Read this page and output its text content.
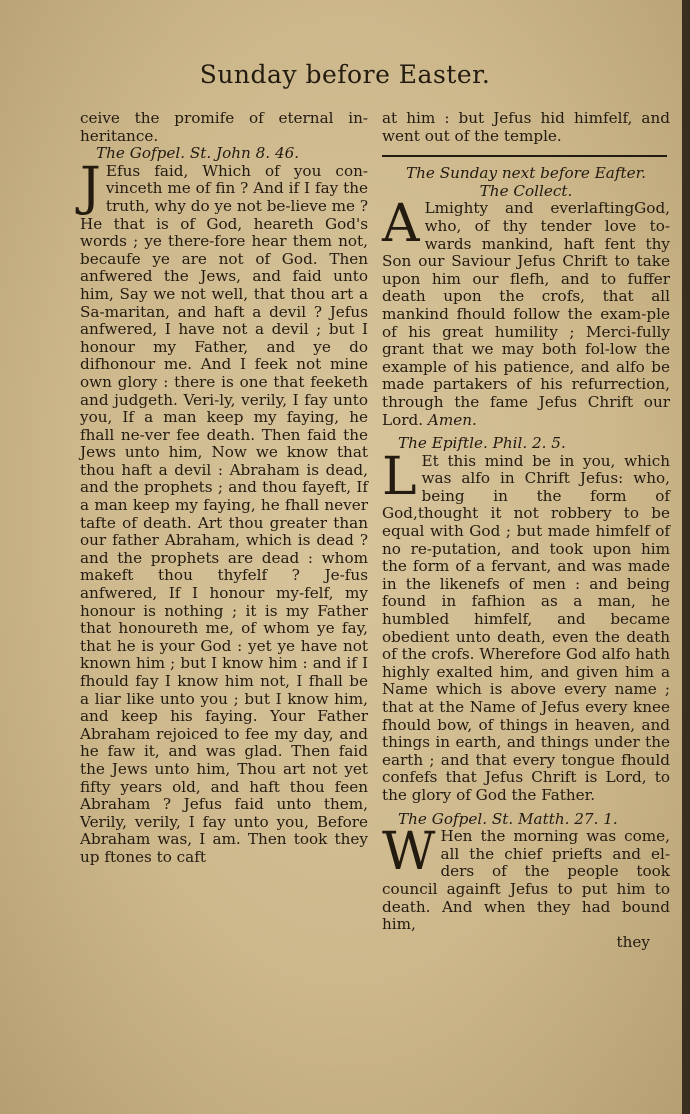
Sunday before Easter.

ceive the promife of eternal in-heritance.

The Gofpel. St. John 8. 46.

J Efus faid, Which of you con-vinceth me of fin ? And if I fay the truth, why do ye not be-lieve me ? He that is of God, heareth God's words ; ye there-fore hear them not, becaufe ye are not of God. Then anfwered the Jews, and faid unto him, Say we not well, that thou art a Sa-maritan, and haft a devil ? Jefus anfwered, I have not a devil ; but I honour my Father, and ye do difhonour me. And I feek not mine own glory : there is one that feeketh and judgeth. Veri-ly, verily, I fay unto you, If a man keep my faying, he fhall ne-ver fee death. Then faid the Jews unto him, Now we know that thou haft a devil : Abraham is dead, and the prophets ; and thou fayeft, If a man keep my faying, he fhall never tafte of death. Art thou greater than our father Abraham, which is dead ? and the prophets are dead : whom makeft thou thyfelf ? Je-fus anfwered, If I honour my-felf, my honour is nothing ; it is my Father that honoureth me, of whom ye fay, that he is your God : yet ye have not known him ; but I know him : and if I fhould fay I know him not, I fhall be a liar like unto you ; but I know him, and keep his faying. Your Father Abraham rejoiced to fee my day, and he faw it, and was glad. Then faid the Jews unto him, Thou art not yet fifty years old, and haft thou feen Abraham ? Jefus faid unto them, Verily, verily, I fay unto you, Before Abraham was, I am. Then took they up ftones to caft

at him : but Jefus hid himfelf, and went out of the temple.

The Sunday next before Eafter.

The Collect.

A Lmighty and everlaftingGod, who, of thy tender love to-wards mankind, haft fent thy Son our Saviour Jefus Chrift to take upon him our flefh, and to fuffer death upon the crofs, that all mankind fhould follow the exam-ple of his great humility ; Merci-fully grant that we may both fol-low the example of his patience, and alfo be made partakers of his refurrection, through the fame Jefus Chrift our Lord. Amen.

The Epiftle. Phil. 2. 5.

L Et this mind be in you, which was alfo in Chrift Jefus: who, being in the form of God,thought it not robbery to be equal with God ; but made himfelf of no re-putation, and took upon him the form of a fervant, and was made in the likenefs of men : and being found in fafhion as a man, he humbled himfelf, and became obedient unto death, even the death of the crofs. Wherefore God alfo hath highly exalted him, and given him a Name which is above every name ; that at the Name of Jefus every knee fhould bow, of things in heaven, and things in earth, and things under the earth ; and that every tongue fhould confefs that Jefus Chrift is Lord, to the glory of God the Father.

The Gofpel. St. Matth. 27. 1.

W Hen the morning was come, all the chief priefts and el-ders of the people took council againft Jefus to put him to death. And when they had bound him,

they
